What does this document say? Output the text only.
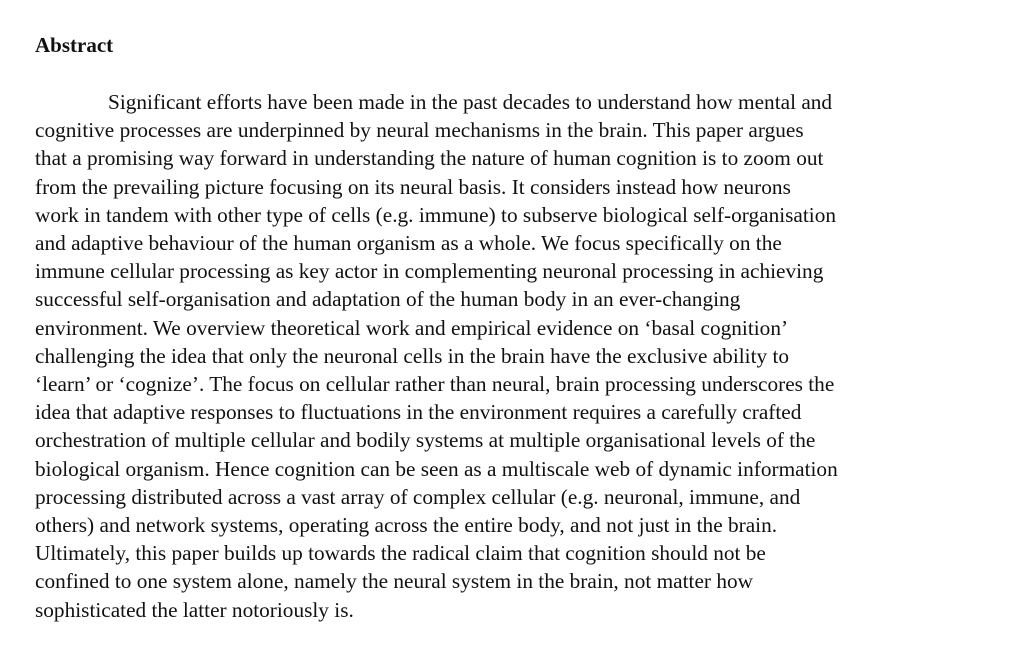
Abstract
Significant efforts have been made in the past decades to understand how mental and
cognitive processes are underpinned by neural mechanisms in the brain. This paper argues
that a promising way forward in understanding the nature of human cognition is to zoom out
from the prevailing picture focusing on its neural basis. It considers instead how neurons
work in tandem with other type of cells (e.g. immune) to subserve biological self-organisation
and adaptive behaviour of the human organism as a whole. We focus specifically on the
immune cellular processing as key actor in complementing neuronal processing in achieving
successful self-organisation and adaptation of the human body in an ever-changing
environment. We overview theoretical work and empirical evidence on ‘basal cognition’
challenging the idea that only the neuronal cells in the brain have the exclusive ability to
‘learn’ or ‘cognize’. The focus on cellular rather than neural, brain processing underscores the
idea that adaptive responses to fluctuations in the environment requires a carefully crafted
orchestration of multiple cellular and bodily systems at multiple organisational levels of the
biological organism. Hence cognition can be seen as a multiscale web of dynamic information
processing distributed across a vast array of complex cellular (e.g. neuronal, immune, and
others) and network systems, operating across the entire body, and not just in the brain.
Ultimately, this paper builds up towards the radical claim that cognition should not be
confined to one system alone, namely the neural system in the brain, not matter how
sophisticated the latter notoriously is.
